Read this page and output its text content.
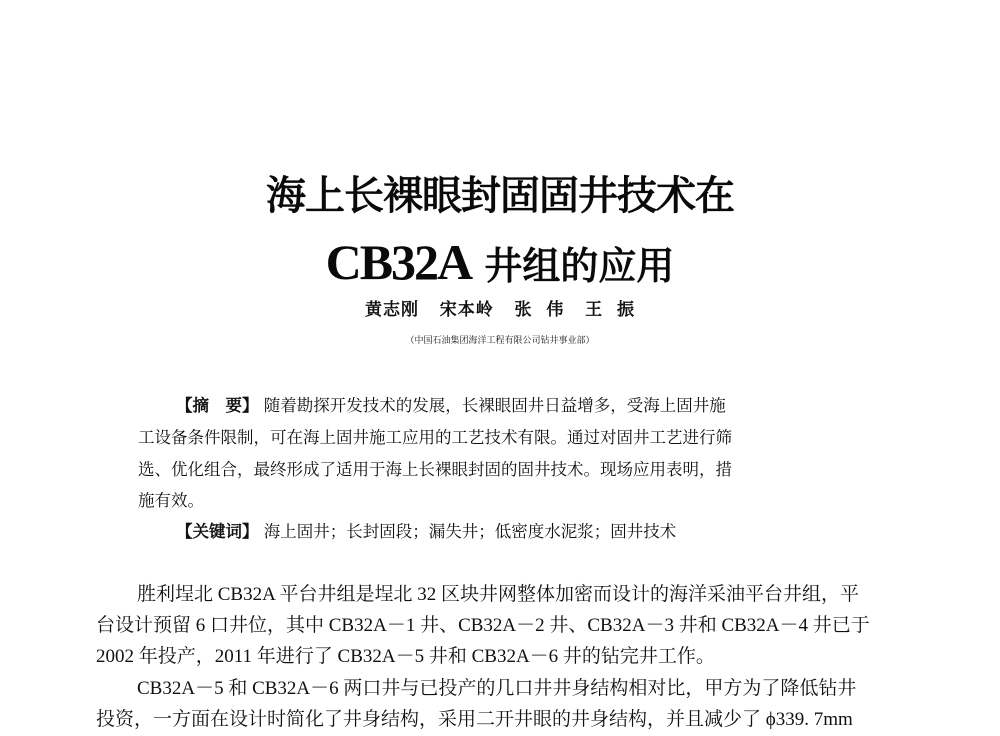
海上长裸眼封固固井技术在
CB32A 井组的应用
黄志刚   宋本岭   张  伟   王  振
（中国石油集团海洋工程有限公司钻井事业部）
【摘　要】 随着勘探开发技术的发展，长裸眼固井日益增多，受海上固井施
工设备条件限制，可在海上固井施工应用的工艺技术有限。通过对固井工艺进行筛
选、优化组合，最终形成了适用于海上长裸眼封固的固井技术。现场应用表明，措
施有效。
【关键词】 海上固井；长封固段；漏失井；低密度水泥浆；固井技术
胜利埕北 CB32A 平台井组是埕北 32 区块井网整体加密而设计的海洋采油平台井组，平
台设计预留 6 口井位，其中 CB32A－1 井、CB32A－2 井、CB32A－3 井和 CB32A－4 井已于
2002 年投产，2011 年进行了 CB32A－5 井和 CB32A－6 井的钻完井工作。
CB32A－5 和 CB32A－6 两口井与已投产的几口井井身结构相对比，甲方为了降低钻井
投资，一方面在设计时简化了井身结构，采用二开井眼的井身结构，并且减少了 ϕ339. 7mm
